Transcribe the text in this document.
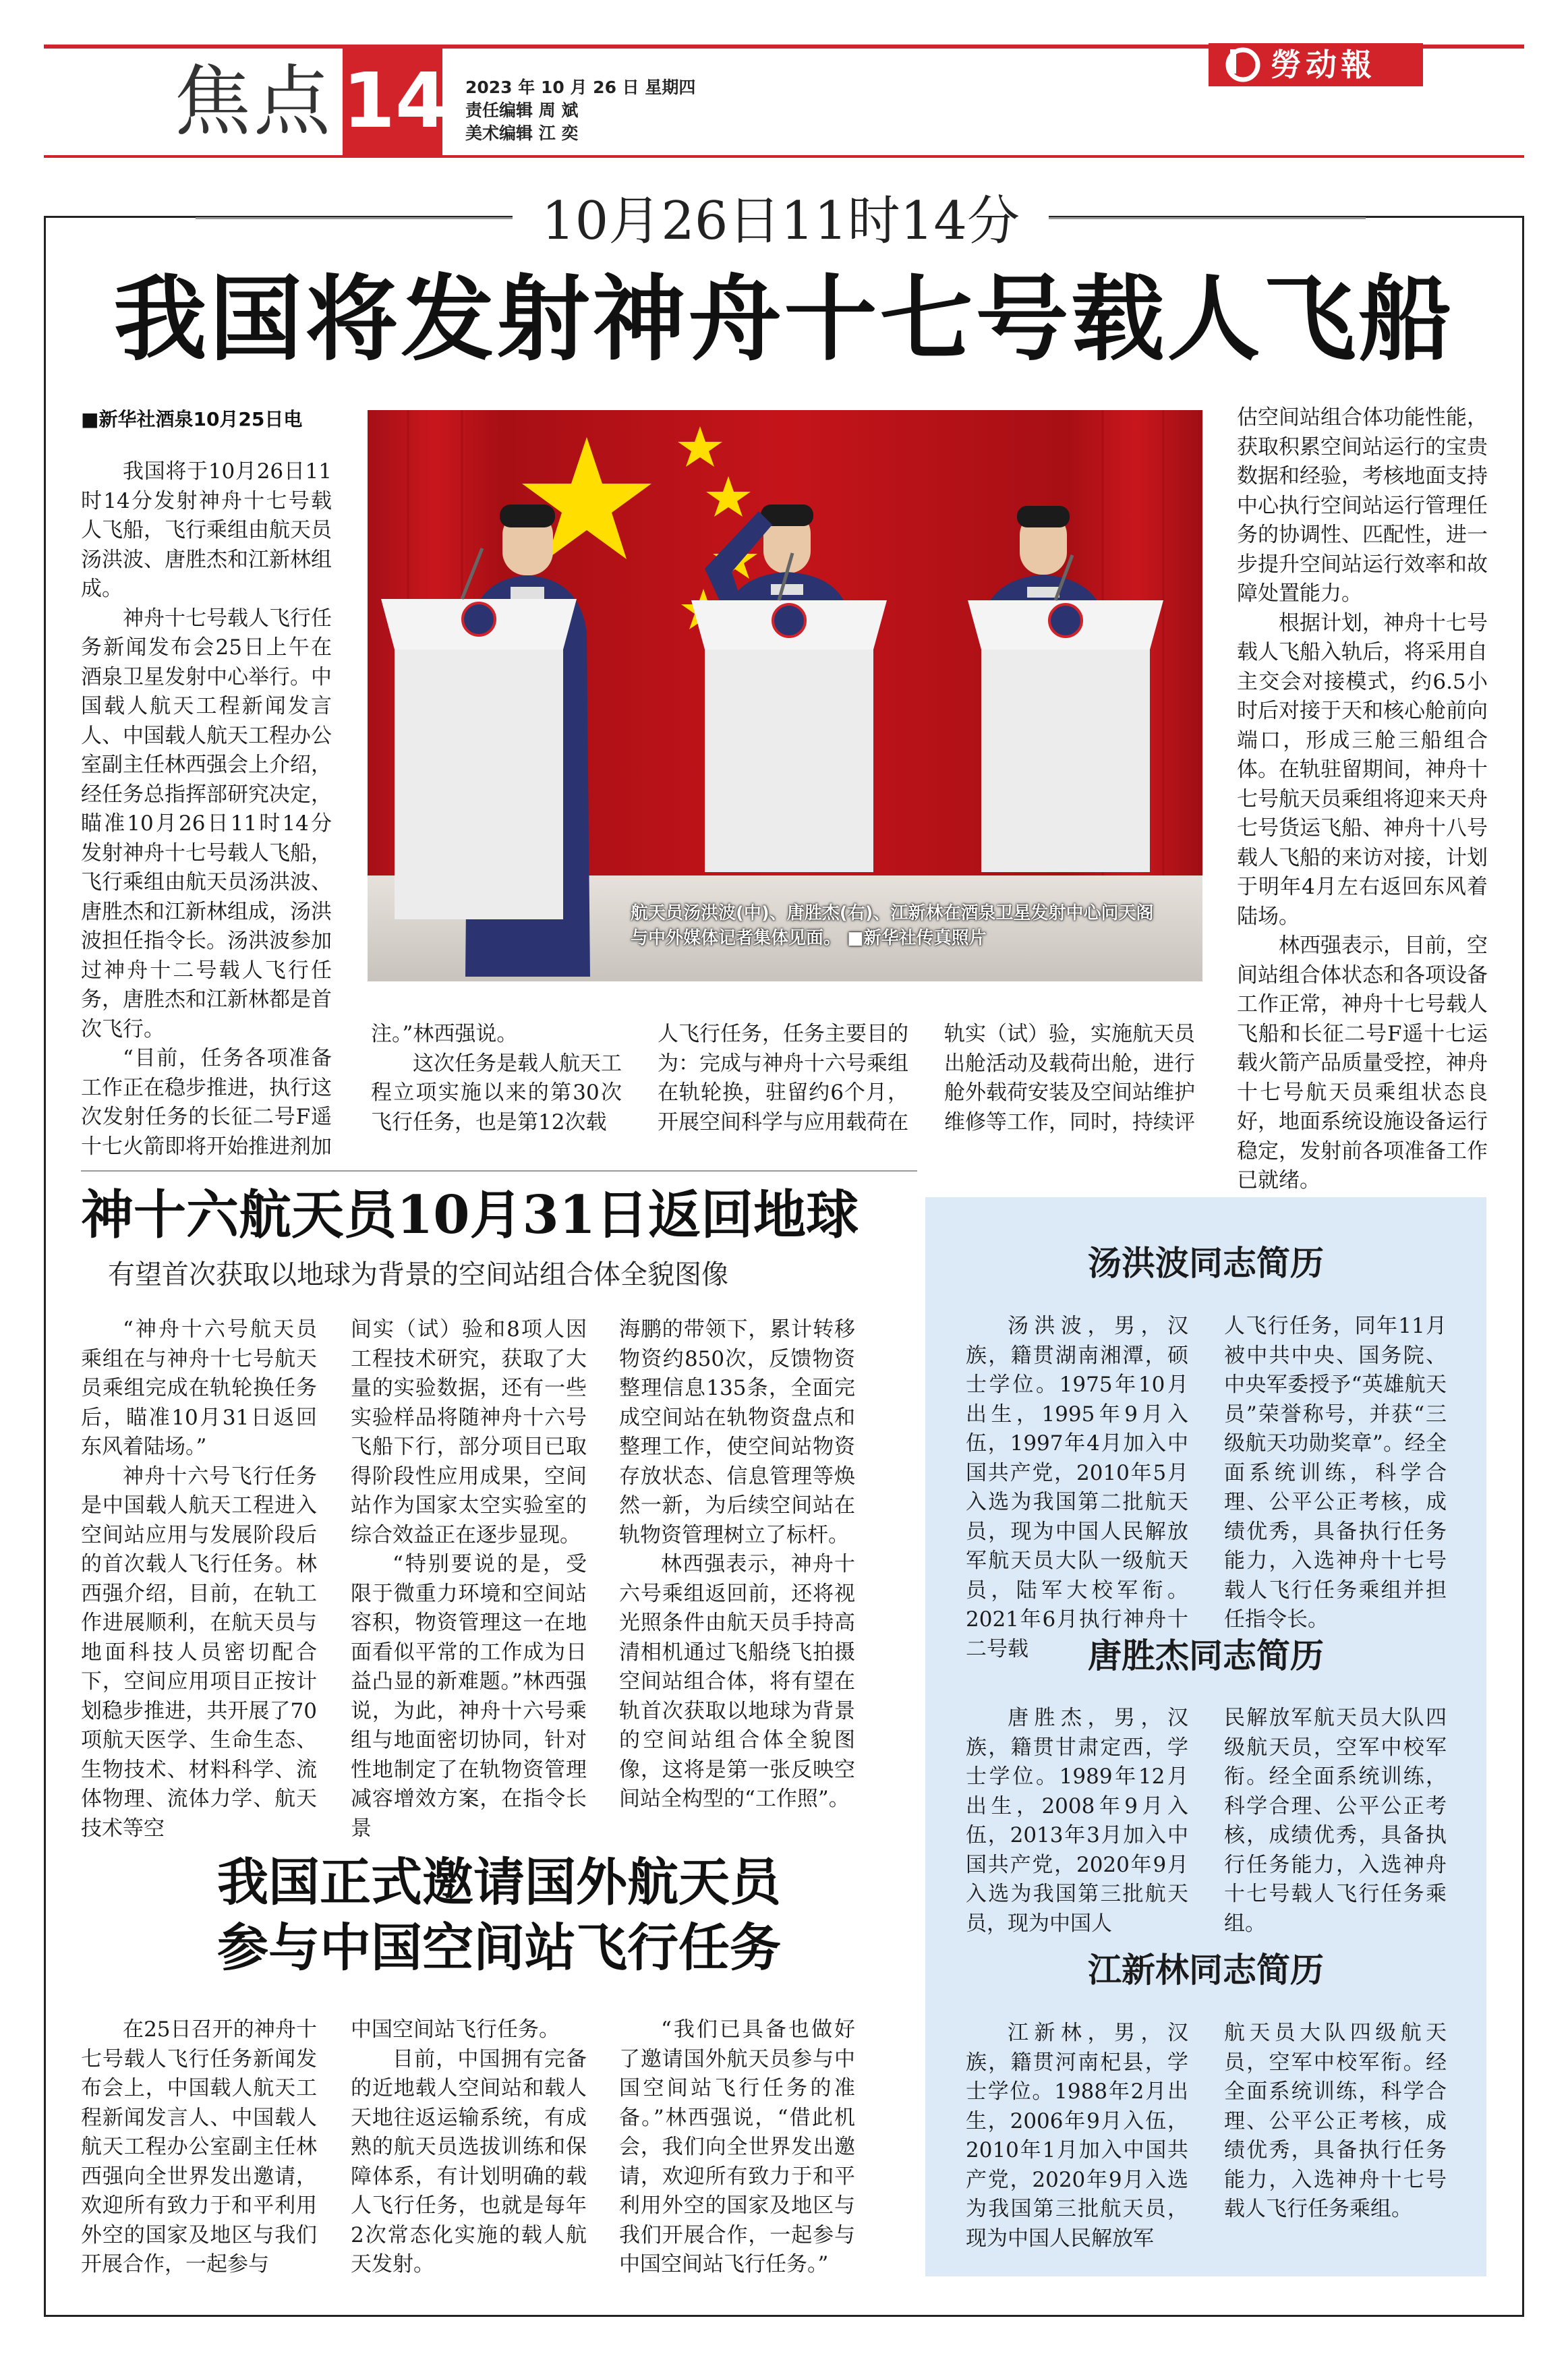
焦点 14 2023 年 10 月 26 日 星期四
责任编辑 周 斌
美术编辑 江 奕
勞动報
10月26日11时14分
我国将发射神舟十七号载人飞船
■新华社酒泉10月25日电
我国将于10月26日11时14分发射神舟十七号载人飞船，飞行乘组由航天员汤洪波、唐胜杰和江新林组成。
神舟十七号载人飞行任务新闻发布会25日上午在酒泉卫星发射中心举行。中国载人航天工程新闻发言人、中国载人航天工程办公室副主任林西强会上介绍，经任务总指挥部研究决定，瞄准10月26日11时14分发射神舟十七号载人飞船，飞行乘组由航天员汤洪波、唐胜杰和江新林组成，汤洪波担任指令长。汤洪波参加过神舟十二号载人飞行任务，唐胜杰和江新林都是首次飞行。
“目前，任务各项准备工作正在稳步推进，执行这次发射任务的长征二号F遥十七火箭即将开始推进剂加
注。”林西强说。
这次任务是载人航天工程立项实施以来的第30次飞行任务，也是第12次载
人飞行任务，任务主要目的为：完成与神舟十六号乘组在轨轮换，驻留约6个月，开展空间科学与应用载荷在
轨实（试）验，实施航天员出舱活动及载荷出舱，进行舱外载荷安装及空间站维护维修等工作，同时，持续评
估空间站组合体功能性能，获取积累空间站运行的宝贵数据和经验，考核地面支持中心执行空间站运行管理任务的协调性、匹配性，进一步提升空间站运行效率和故障处置能力。
根据计划，神舟十七号载人飞船入轨后，将采用自主交会对接模式，约6.5小时后对接于天和核心舱前向端口，形成三舱三船组合体。在轨驻留期间，神舟十七号航天员乘组将迎来天舟七号货运飞船、神舟十八号载人飞船的来访对接，计划于明年4月左右返回东风着陆场。
林西强表示，目前，空间站组合体状态和各项设备工作正常，神舟十七号载人飞船和长征二号F遥十七运载火箭产品质量受控，神舟十七号航天员乘组状态良好，地面系统设施设备运行稳定，发射前各项准备工作已就绪。
航天员汤洪波(中)、唐胜杰(右)、江新林在酒泉卫星发射中心问天阁与中外媒体记者集体见面。 ■新华社传真照片
神十六航天员10月31日返回地球
有望首次获取以地球为背景的空间站组合体全貌图像
“神舟十六号航天员乘组在与神舟十七号航天员乘组完成在轨轮换任务后，瞄准10月31日返回东风着陆场。”
神舟十六号飞行任务是中国载人航天工程进入空间站应用与发展阶段后的首次载人飞行任务。林西强介绍，目前，在轨工作进展顺利，在航天员与地面科技人员密切配合下，空间应用项目正按计划稳步推进，共开展了70项航天医学、生命生态、生物技术、材料科学、流体物理、流体力学、航天技术等空
间实（试）验和8项人因工程技术研究，获取了大量的实验数据，还有一些实验样品将随神舟十六号飞船下行，部分项目已取得阶段性应用成果，空间站作为国家太空实验室的综合效益正在逐步显现。
“特别要说的是，受限于微重力环境和空间站容积，物资管理这一在地面看似平常的工作成为日益凸显的新难题。”林西强说，为此，神舟十六号乘组与地面密切协同，针对性地制定了在轨物资管理减容增效方案，在指令长景
海鹏的带领下，累计转移物资约850次，反馈物资整理信息135条，全面完成空间站在轨物资盘点和整理工作，使空间站物资存放状态、信息管理等焕然一新，为后续空间站在轨物资管理树立了标杆。
林西强表示，神舟十六号乘组返回前，还将视光照条件由航天员手持高清相机通过飞船绕飞拍摄空间站组合体，将有望在轨首次获取以地球为背景的空间站组合体全貌图像，这将是第一张反映空间站全构型的“工作照”。
我国正式邀请国外航天员
参与中国空间站飞行任务
在25日召开的神舟十七号载人飞行任务新闻发布会上，中国载人航天工程新闻发言人、中国载人航天工程办公室副主任林西强向全世界发出邀请，欢迎所有致力于和平利用外空的国家及地区与我们开展合作，一起参与
中国空间站飞行任务。
目前，中国拥有完备的近地载人空间站和载人天地往返运输系统，有成熟的航天员选拔训练和保障体系，有计划明确的载人飞行任务，也就是每年2次常态化实施的载人航天发射。
“我们已具备也做好了邀请国外航天员参与中国空间站飞行任务的准备。”林西强说，“借此机会，我们向全世界发出邀请，欢迎所有致力于和平利用外空的国家及地区与我们开展合作，一起参与中国空间站飞行任务。”
汤洪波同志简历
汤洪波，男，汉族，籍贯湖南湘潭，硕士学位。1975年10月出生，1995年9月入伍，1997年4月加入中国共产党，2010年5月入选为我国第二批航天员，现为中国人民解放军航天员大队一级航天员，陆军大校军衔。2021年6月执行神舟十二号载
人飞行任务，同年11月被中共中央、国务院、中央军委授予“英雄航天员”荣誉称号，并获“三级航天功勋奖章”。经全面系统训练，科学合理、公平公正考核，成绩优秀，具备执行任务能力，入选神舟十七号载人飞行任务乘组并担任指令长。
唐胜杰同志简历
唐胜杰，男，汉族，籍贯甘肃定西，学士学位。1989年12月出生，2008年9月入伍，2013年3月加入中国共产党，2020年9月入选为我国第三批航天员，现为中国人
民解放军航天员大队四级航天员，空军中校军衔。经全面系统训练，科学合理、公平公正考核，成绩优秀，具备执行任务能力，入选神舟十七号载人飞行任务乘组。
江新林同志简历
江新林，男，汉族，籍贯河南杞县，学士学位。1988年2月出生，2006年9月入伍，2010年1月加入中国共产党，2020年9月入选为我国第三批航天员，现为中国人民解放军
航天员大队四级航天员，空军中校军衔。经全面系统训练，科学合理、公平公正考核，成绩优秀，具备执行任务能力，入选神舟十七号载人飞行任务乘组。
